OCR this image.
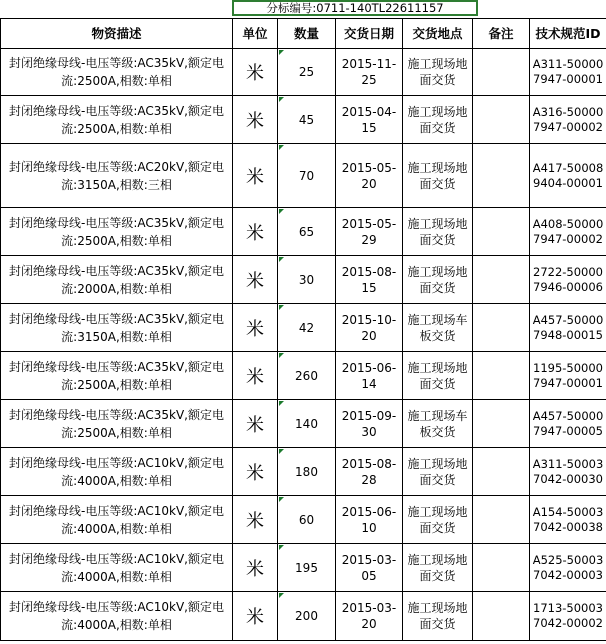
分标编号:0711-140TL22611157
物资描述	单位	数量	交货日期	交货地点	备注	技术规范ID
封闭绝缘母线-电压等级:AC35kV,额定电流:2500A,相数:单相	米	25	2015-11-25	施工现场地面交货		A311-500007947-00001
封闭绝缘母线-电压等级:AC35kV,额定电流:2500A,相数:单相	米	45	2015-04-15	施工现场地面交货		A316-500007947-00002
封闭绝缘母线-电压等级:AC20kV,额定电流:3150A,相数:三相	米	70	2015-05-20	施工现场地面交货		A417-500089404-00001
封闭绝缘母线-电压等级:AC35kV,额定电流:2500A,相数:单相	米	65	2015-05-29	施工现场地面交货		A408-500007947-00002
封闭绝缘母线-电压等级:AC35kV,额定电流:2000A,相数:单相	米	30	2015-08-15	施工现场地面交货		2722-500007946-00006
封闭绝缘母线-电压等级:AC35kV,额定电流:3150A,相数:单相	米	42	2015-10-20	施工现场车板交货		A457-500007948-00015
封闭绝缘母线-电压等级:AC35kV,额定电流:2500A,相数:单相	米	260	2015-06-14	施工现场地面交货		1195-500007947-00001
封闭绝缘母线-电压等级:AC35kV,额定电流:2500A,相数:单相	米	140	2015-09-30	施工现场车板交货		A457-500007947-00005
封闭绝缘母线-电压等级:AC10kV,额定电流:4000A,相数:单相	米	180	2015-08-28	施工现场地面交货		A311-500037042-00030
封闭绝缘母线-电压等级:AC10kV,额定电流:4000A,相数:单相	米	60	2015-06-10	施工现场地面交货		A154-500037042-00038
封闭绝缘母线-电压等级:AC10kV,额定电流:4000A,相数:单相	米	195	2015-03-05	施工现场地面交货		A525-500037042-00003
封闭绝缘母线-电压等级:AC10kV,额定电流:4000A,相数:单相	米	200	2015-03-20	施工现场地面交货		1713-500037042-00002
